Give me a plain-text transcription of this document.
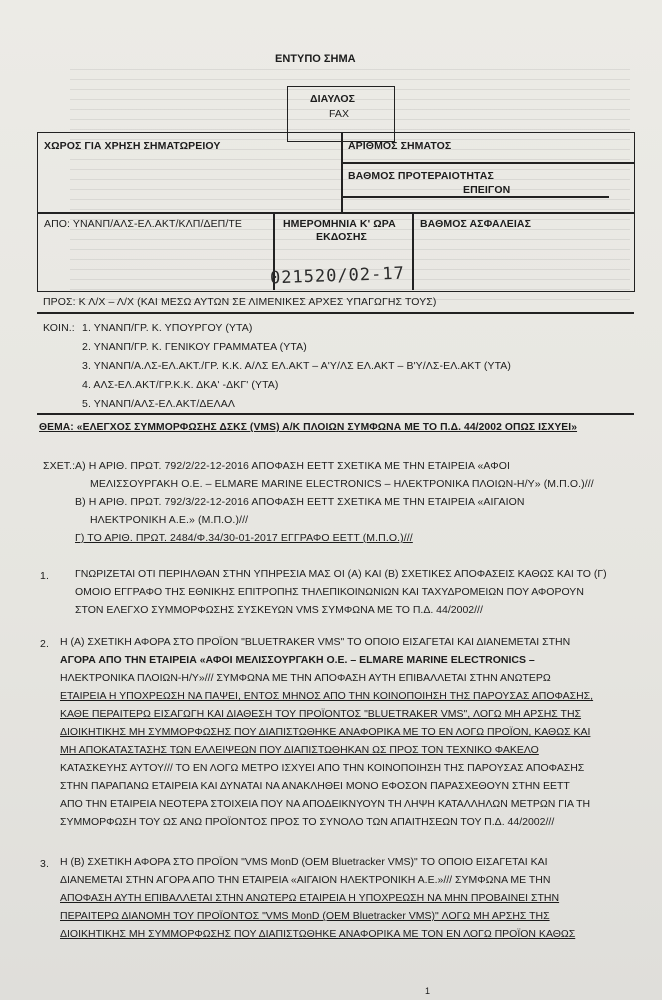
ΕΝΤΥΠΟ ΣΗΜΑ
ΔΙΑΥΛΟΣ
FAX
ΧΩΡΟΣ ΓΙΑ ΧΡΗΣΗ ΣΗΜΑΤΩΡΕΙΟΥ	ΑΡΙΘΜΟΣ ΣΗΜΑΤΟΣ
ΒΑΘΜΟΣ ΠΡΟΤΕΡΑΙΟΤΗΤΑΣ
ΕΠΕΙΓΟΝ
ΑΠΟ: ΥΝΑΝΠ/ΑΛΣ-ΕΛ.ΑΚΤ/ΚΛΠ/ΔΕΠ/ΤΕ	ΗΜΕΡΟΜΗΝΙΑ Κ' ΩΡΑ
ΕΚΔΟΣΗΣ
ΒΑΘΜΟΣ ΑΣΦΑΛΕΙΑΣ
021520/02-17
ΠΡΟΣ: Κ Λ/Χ – Λ/Χ (ΚΑΙ ΜΕΣΩ ΑΥΤΩΝ ΣΕ ΛΙΜΕΝΙΚΕΣ ΑΡΧΕΣ ΥΠΑΓΩΓΗΣ ΤΟΥΣ)
ΚΟΙΝ.: 1. ΥΝΑΝΠ/ΓΡ. Κ. ΥΠΟΥΡΓΟΥ (ΥΤΑ)
2. ΥΝΑΝΠ/ΓΡ. Κ. ΓΕΝΙΚΟΥ ΓΡΑΜΜΑΤΕΑ (ΥΤΑ)
3. ΥΝΑΝΠ/Α.ΛΣ-ΕΛ.ΑΚΤ./ΓΡ. Κ.Κ. Α/ΛΣ ΕΛ.ΑΚΤ – Α'Υ/ΛΣ ΕΛ.ΑΚΤ – Β'Υ/ΛΣ-ΕΛ.ΑΚΤ (ΥΤΑ)
4. ΑΛΣ-ΕΛ.ΑΚΤ/ΓΡ.Κ.Κ. ΔΚΑ' -ΔΚΓ' (ΥΤΑ)
5. ΥΝΑΝΠ/ΑΛΣ-ΕΛ.ΑΚΤ/ΔΕΛΑΛ
ΘΕΜΑ: «ΕΛΕΓΧΟΣ ΣΥΜΜΟΡΦΩΣΗΣ ΔΣΚΣ (VMS) Α/Κ ΠΛΟΙΩΝ ΣΥΜΦΩΝΑ ΜΕ ΤΟ Π.Δ. 44/2002 ΟΠΩΣ ΙΣΧΥΕΙ»
ΣΧΕΤ.: Α) Η ΑΡΙΘ. ΠΡΩΤ. 792/2/22-12-2016 ΑΠΟΦΑΣΗ ΕΕΤΤ ΣΧΕΤΙΚΑ ΜΕ ΤΗΝ ΕΤΑΙΡΕΙΑ «ΑΦΟΙ
ΜΕΛΙΣΣΟΥΡΓΑΚΗ Ο.Ε. – ELMARE MARINE ELECTRONICS – ΗΛΕΚΤΡΟΝΙΚΑ ΠΛΟΙΩΝ-Η/Υ» (Μ.Π.Ο.)///
Β) Η ΑΡΙΘ. ΠΡΩΤ. 792/3/22-12-2016 ΑΠΟΦΑΣΗ ΕΕΤΤ ΣΧΕΤΙΚΑ ΜΕ ΤΗΝ ΕΤΑΙΡΕΙΑ «ΑΙΓΑΙΟΝ
ΗΛΕΚΤΡΟΝΙΚΗ Α.Ε.» (Μ.Π.Ο.)///
Γ) ΤΟ ΑΡΙΘ. ΠΡΩΤ. 2484/Φ.34/30-01-2017 ΕΓΓΡΑΦΟ ΕΕΤΤ (Μ.Π.Ο.)///
1. ΓΝΩΡΙΖΕΤΑΙ ΟΤΙ ΠΕΡΙΗΛΘΑΝ ΣΤΗΝ ΥΠΗΡΕΣΙΑ ΜΑΣ ΟΙ (Α) ΚΑΙ (Β) ΣΧΕΤΙΚΕΣ ΑΠΟΦΑΣΕΙΣ ΚΑΘΩΣ ΚΑΙ ΤΟ (Γ)
ΟΜΟΙΟ ΕΓΓΡΑΦΟ ΤΗΣ ΕΘΝΙΚΗΣ ΕΠΙΤΡΟΠΗΣ ΤΗΛΕΠΙΚΟΙΝΩΝΙΩΝ ΚΑΙ ΤΑΧΥΔΡΟΜΕΙΩΝ ΠΟΥ ΑΦΟΡΟΥΝ
ΣΤΟΝ ΕΛΕΓΧΟ ΣΥΜΜΟΡΦΩΣΗΣ ΣΥΣΚΕΥΩΝ VMS ΣΥΜΦΩΝΑ ΜΕ ΤΟ Π.Δ. 44/2002///
2. Η (Α) ΣΧΕΤΙΚΗ ΑΦΟΡΑ ΣΤΟ ΠΡΟΪΟΝ "BLUETRAKER VMS" ΤΟ ΟΠΟΙΟ ΕΙΣΑΓΕΤΑΙ ΚΑΙ ΔΙΑΝΕΜΕΤΑΙ ΣΤΗΝ
ΑΓΟΡΑ ΑΠΟ ΤΗΝ ΕΤΑΙΡΕΙΑ «ΑΦΟΙ ΜΕΛΙΣΣΟΥΡΓΑΚΗ Ο.Ε. – ELMARE MARINE ELECTRONICS –
ΗΛΕΚΤΡΟΝΙΚΑ ΠΛΟΙΩΝ-Η/Υ»/// ΣΥΜΦΩΝΑ ΜΕ ΤΗΝ ΑΠΟΦΑΣΗ ΑΥΤΗ ΕΠΙΒΑΛΛΕΤΑΙ ΣΤΗΝ ΑΝΩΤΕΡΩ
ΕΤΑΙΡΕΙΑ Η ΥΠΟΧΡΕΩΣΗ ΝΑ ΠΑΨΕΙ, ΕΝΤΟΣ ΜΗΝΟΣ ΑΠΟ ΤΗΝ ΚΟΙΝΟΠΟΙΗΣΗ ΤΗΣ ΠΑΡΟΥΣΑΣ ΑΠΟΦΑΣΗΣ,
ΚΑΘΕ ΠΕΡΑΙΤΕΡΩ ΕΙΣΑΓΩΓΗ ΚΑΙ ΔΙΑΘΕΣΗ ΤΟΥ ΠΡΟΪΟΝΤΟΣ "BLUETRAKER VMS", ΛΟΓΩ ΜΗ ΑΡΣΗΣ ΤΗΣ
ΔΙΟΙΚΗΤΙΚΗΣ ΜΗ ΣΥΜΜΟΡΦΩΣΗΣ ΠΟΥ ΔΙΑΠΙΣΤΩΘΗΚΕ ΑΝΑΦΟΡΙΚΑ ΜΕ ΤΟ ΕΝ ΛΟΓΩ ΠΡΟΪΟΝ, ΚΑΘΩΣ ΚΑΙ
ΜΗ ΑΠΟΚΑΤΑΣΤΑΣΗΣ ΤΩΝ ΕΛΛΕΙΨΕΩΝ ΠΟΥ ΔΙΑΠΙΣΤΩΘΗΚΑΝ ΩΣ ΠΡΟΣ ΤΟΝ ΤΕΧΝΙΚΟ ΦΑΚΕΛΟ
ΚΑΤΑΣΚΕΥΗΣ ΑΥΤΟΥ/// ΤΟ ΕΝ ΛΟΓΩ ΜΕΤΡΟ ΙΣΧΥΕΙ ΑΠΟ ΤΗΝ ΚΟΙΝΟΠΟΙΗΣΗ ΤΗΣ ΠΑΡΟΥΣΑΣ ΑΠΟΦΑΣΗΣ
ΣΤΗΝ ΠΑΡΑΠΑΝΩ ΕΤΑΙΡΕΙΑ ΚΑΙ ΔΥΝΑΤΑΙ ΝΑ ΑΝΑΚΛΗΘΕΙ ΜΟΝΟ ΕΦΟΣΟΝ ΠΑΡΑΣΧΕΘΟΥΝ ΣΤΗΝ ΕΕΤΤ
ΑΠΟ ΤΗΝ ΕΤΑΙΡΕΙΑ ΝΕΟΤΕΡΑ ΣΤΟΙΧΕΙΑ ΠΟΥ ΝΑ ΑΠΟΔΕΙΚΝΥΟΥΝ ΤΗ ΛΗΨΗ ΚΑΤΑΛΛΗΛΩΝ ΜΕΤΡΩΝ ΓΙΑ ΤΗ
ΣΥΜΜΟΡΦΩΣΗ ΤΟΥ ΩΣ ΑΝΩ ΠΡΟΪΟΝΤΟΣ ΠΡΟΣ ΤΟ ΣΥΝΟΛΟ ΤΩΝ ΑΠΑΙΤΗΣΕΩΝ ΤΟΥ Π.Δ. 44/2002///
3. Η (Β) ΣΧΕΤΙΚΗ ΑΦΟΡΑ ΣΤΟ ΠΡΟΪΟΝ "VMS MonD (OEM Bluetracker VMS)" ΤΟ ΟΠΟΙΟ ΕΙΣΑΓΕΤΑΙ ΚΑΙ
ΔΙΑΝΕΜΕΤΑΙ ΣΤΗΝ ΑΓΟΡΑ ΑΠΟ ΤΗΝ ΕΤΑΙΡΕΙΑ «ΑΙΓΑΙΟΝ ΗΛΕΚΤΡΟΝΙΚΗ Α.Ε.»/// ΣΥΜΦΩΝΑ ΜΕ ΤΗΝ
ΑΠΟΦΑΣΗ ΑΥΤΗ ΕΠΙΒΑΛΛΕΤΑΙ ΣΤΗΝ ΑΝΩΤΕΡΩ ΕΤΑΙΡΕΙΑ Η ΥΠΟΧΡΕΩΣΗ ΝΑ ΜΗΝ ΠΡΟΒΑΙΝΕΙ ΣΤΗΝ
ΠΕΡΑΙΤΕΡΩ ΔΙΑΝΟΜΗ ΤΟΥ ΠΡΟΪΟΝΤΟΣ "VMS MonD (OEM Bluetracker VMS)" ΛΟΓΩ ΜΗ ΑΡΣΗΣ ΤΗΣ
ΔΙΟΙΚΗΤΙΚΗΣ ΜΗ ΣΥΜΜΟΡΦΩΣΗΣ ΠΟΥ ΔΙΑΠΙΣΤΩΘΗΚΕ ΑΝΑΦΟΡΙΚΑ ΜΕ ΤΟΝ ΕΝ ΛΟΓΩ ΠΡΟΪΟΝ ΚΑΘΩΣ
1
